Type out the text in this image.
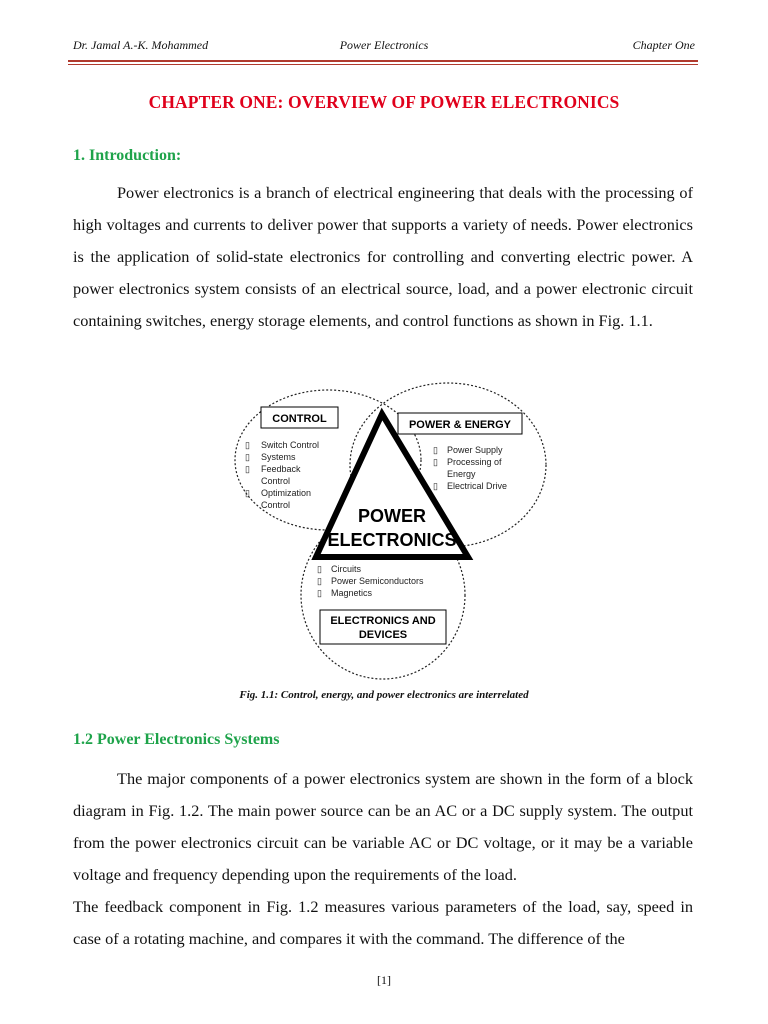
Dr. Jamal A.-K. Mohammed	Power Electronics	Chapter One
CHAPTER ONE: OVERVIEW OF POWER ELECTRONICS
1. Introduction:

Power electronics is a branch of electrical engineering that deals with the processing of high voltages and currents to deliver power that supports a variety of needs. Power electronics is the application of solid-state electronics for controlling and converting electric power. A power electronics system consists of an electrical source, load, and a power electronic circuit containing switches, energy storage elements, and control functions as shown in Fig. 1.1.

CONTROL
▯ Switch Control
▯ Systems
▯ Feedback
Control
▯ Optimization
Control
POWER & ENERGY
▯ Power Supply
▯ Processing of
Energy
▯ Electrical Drive
POWER
ELECTRONICS
▯ Circuits
▯ Power Semiconductors
▯ Magnetics
ELECTRONICS AND
DEVICES
Fig. 1.1: Control, energy, and power electronics are interrelated
1.2 Power Electronics Systems

The major components of a power electronics system are shown in the form of a block diagram in Fig. 1.2. The main power source can be an AC or a DC supply system. The output from the power electronics circuit can be variable AC or DC voltage, or it may be a variable voltage and frequency depending upon the requirements of the load.

The feedback component in Fig. 1.2 measures various parameters of the load, say, speed in case of a rotating machine, and compares it with the command. The difference of the

[1]
